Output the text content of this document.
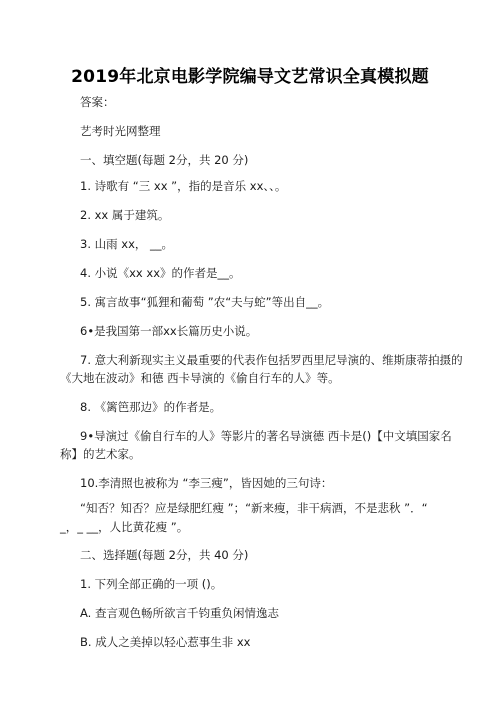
2019年北京电影学院编导文艺常识全真模拟题
答案：
艺考时光网整理
一、填空题(每题 2分，共 20 分)
1. 诗歌有 “三 xx ”，指的是音乐 xx、、。
2. xx 属于建筑。
3. 山雨 xx， __。
4. 小说《xx xx》的作者是__。
5. 寓言故事“狐狸和葡萄 ”农“夫与蛇”等出自__。
6•是我国第一部xx长篇历史小说。
7. 意大利新现实主义最重要的代表作包括罗西里尼导演的、维斯康蒂拍摄的
《大地在波动》和德 西卡导演的《偷自行车的人》等。
8. 《篱笆那边》的作者是。
9•导演过《偷自行车的人》等影片的著名导演德 西卡是()【中文填国家名
称】的艺术家。
10.李清照也被称为 “李三瘦”，皆因她的三句诗：
“知否？知否？应是绿肥红瘦 ”；“新来瘦，非干病酒，不是悲秋 ”．“
_，_ __，人比黄花瘦 ”。
二、选择题(每题 2分，共 40 分)
1. 下列全部正确的一项 ()。
A. 查言观色畅所欲言千钧重负闲情逸志
B. 成人之美掉以轻心惹事生非 xx
